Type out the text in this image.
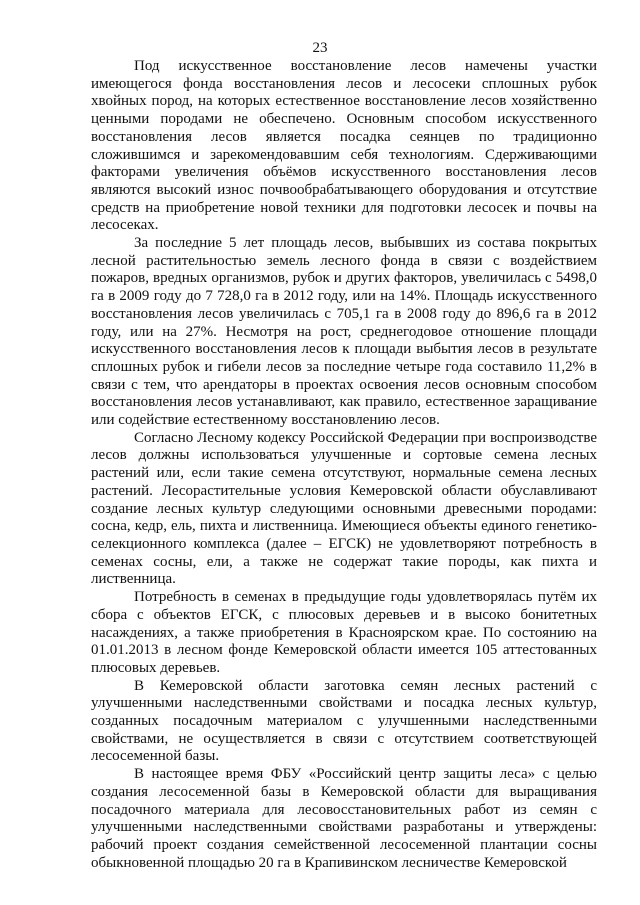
23

Под искусственное восстановление лесов намечены участки имеющегося фонда восстановления лесов и лесосеки сплошных рубок хвойных пород, на которых естественное восстановление лесов хозяйственно ценными породами не обеспечено. Основным способом искусственного восстановления лесов является посадка сеянцев по традиционно сложившимся и зарекомендовавшим себя технологиям. Сдерживающими факторами увеличения объёмов искусственного восстановления лесов являются высокий износ почвообрабатывающего оборудования и отсутствие средств на приобретение новой техники для подготовки лесосек и почвы на лесосеках.

За последние 5 лет площадь лесов, выбывших из состава покрытых лесной растительностью земель лесного фонда в связи с воздействием пожаров, вредных организмов, рубок и других факторов, увеличилась с 5498,0 га в 2009 году до 7 728,0 га в 2012 году, или на 14%. Площадь искусственного восстановления лесов увеличилась с 705,1 га в 2008 году до 896,6 га в 2012 году, или на 27%. Несмотря на рост, среднегодовое отношение площади искусственного восстановления лесов к площади выбытия лесов в результате сплошных рубок и гибели лесов за последние четыре года составило 11,2% в связи с тем, что арендаторы в проектах освоения лесов основным способом восстановления лесов устанавливают, как правило, естественное заращивание или содействие естественному восстановлению лесов.

Согласно Лесному кодексу Российской Федерации при воспроизводстве лесов должны использоваться улучшенные и сортовые семена лесных растений или, если такие семена отсутствуют, нормальные семена лесных растений. Лесорастительные условия Кемеровской области обуславливают создание лесных культур следующими основными древесными породами: сосна, кедр, ель, пихта и лиственница. Имеющиеся объекты единого генетико-селекционного комплекса (далее – ЕГСК) не удовлетворяют потребность в семенах сосны, ели, а также не содержат такие породы, как пихта и лиственница.

Потребность в семенах в предыдущие годы удовлетворялась путём их сбора с объектов ЕГСК, с плюсовых деревьев и в высоко бонитетных насаждениях, а также приобретения в Красноярском крае. По состоянию на 01.01.2013 в лесном фонде Кемеровской области имеется 105 аттестованных плюсовых деревьев.

В Кемеровской области заготовка семян лесных растений с улучшенными наследственными свойствами и посадка лесных культур, созданных посадочным материалом с улучшенными наследственными свойствами, не осуществляется в связи с отсутствием соответствующей лесосеменной базы.

В настоящее время ФБУ «Российский центр защиты леса» с целью создания лесосеменной базы в Кемеровской области для выращивания посадочного материала для лесовосстановительных работ из семян с улучшенными наследственными свойствами разработаны и утверждены: рабочий проект создания семейственной лесосеменной плантации сосны обыкновенной площадью 20 га в Крапивинском лесничестве Кемеровской
